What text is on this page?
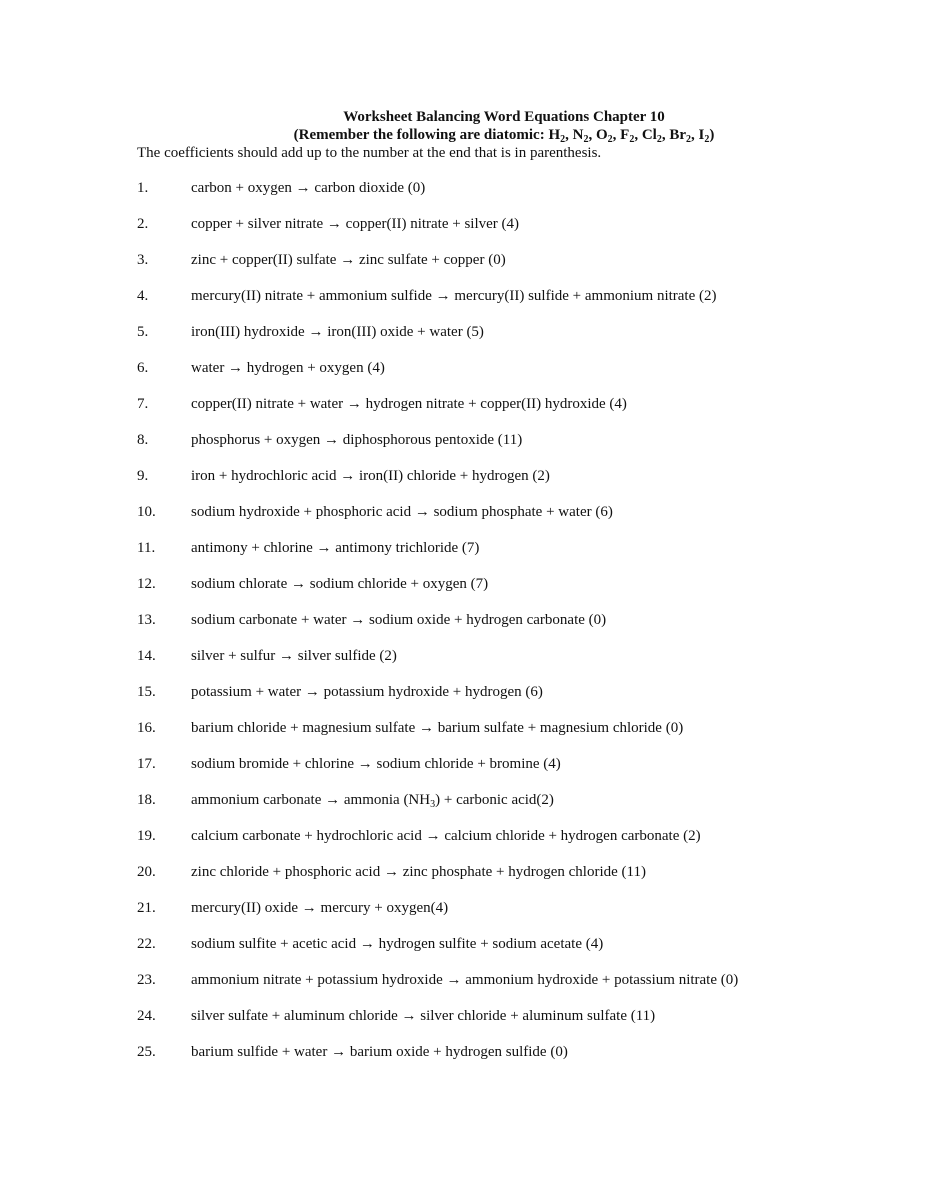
Worksheet Balancing Word Equations Chapter 10
(Remember the following are diatomic: $H_2$, $N_2$, $O_2$, $F_2$, $Cl_2$, $Br_2$, $I_2$)
The coefficients should add up to the number at the end that is in parenthesis.
1.	carbon + oxygen → carbon dioxide (0)
2.	copper + silver nitrate → copper(II) nitrate + silver (4)
3.	zinc + copper(II) sulfate → zinc sulfate + copper (0)
4.	mercury(II) nitrate + ammonium sulfide → mercury(II) sulfide + ammonium nitrate (2)
5.	iron(III) hydroxide → iron(III) oxide + water (5)
6.	water → hydrogen + oxygen (4)
7.	copper(II) nitrate + water → hydrogen nitrate + copper(II) hydroxide (4)
8.	phosphorus + oxygen → diphosphorous pentoxide (11)
9.	iron + hydrochloric acid → iron(II) chloride + hydrogen (2)
10. sodium hydroxide + phosphoric acid → sodium phosphate + water (6)
11. antimony + chlorine → antimony trichloride (7)
12. sodium chlorate → sodium chloride + oxygen (7)
13. sodium carbonate + water → sodium oxide + hydrogen carbonate (0)
14. silver + sulfur → silver sulfide (2)
15. potassium + water → potassium hydroxide + hydrogen (6)
16. barium chloride + magnesium sulfate → barium sulfate + magnesium chloride (0)
17. sodium bromide + chlorine → sodium chloride + bromine (4)
18. ammonium carbonate → ammonia $(NH_3)$ + carbonic acid(2)
19. calcium carbonate + hydrochloric acid → calcium chloride + hydrogen carbonate (2)
20. zinc chloride + phosphoric acid → zinc phosphate + hydrogen chloride (11)
21. mercury(II) oxide → mercury + oxygen(4)
22. sodium sulfite + acetic acid → hydrogen sulfite + sodium acetate (4)
23. ammonium nitrate + potassium hydroxide → ammonium hydroxide + potassium nitrate (0)
24. silver sulfate + aluminum chloride → silver chloride + aluminum sulfate (11)
25. barium sulfide + water → barium oxide + hydrogen sulfide (0)
